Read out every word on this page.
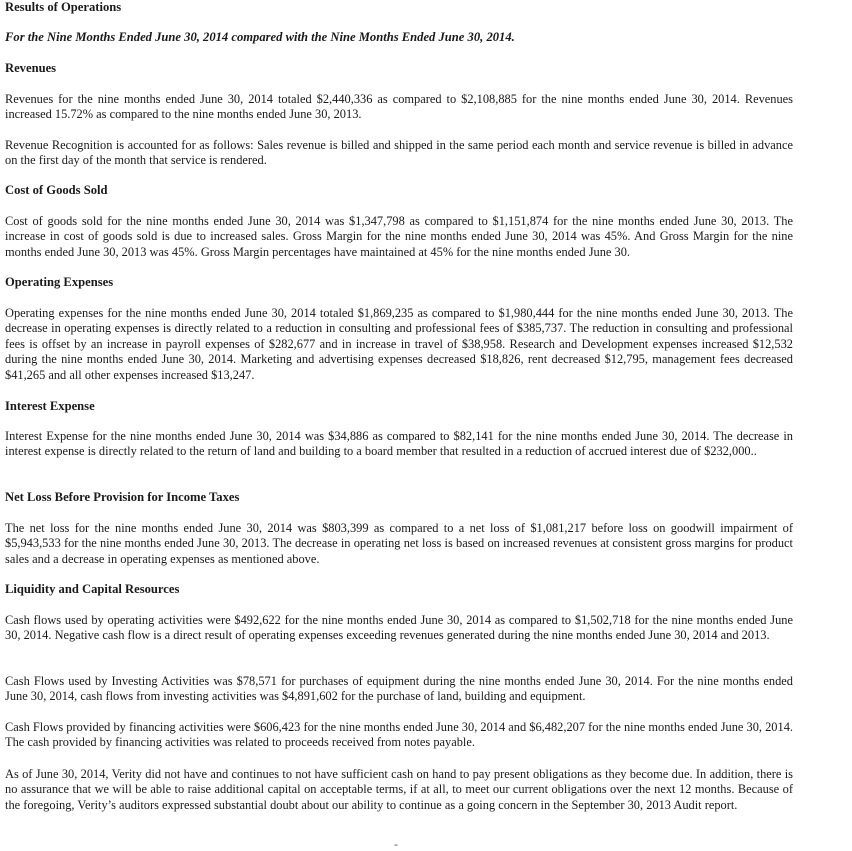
Results of Operations
For the Nine Months Ended June 30, 2014 compared with the Nine Months Ended June 30, 2014.
Revenues

Revenues for the nine months ended June 30, 2014 totaled $2,440,336 as compared to $2,108,885 for the nine months ended June 30, 2014. Revenues increased 15.72% as compared to the nine months ended June 30, 2013.

Revenue Recognition is accounted for as follows: Sales revenue is billed and shipped in the same period each month and service revenue is billed in advance on the first day of the month that service is rendered.

Cost of Goods Sold

Cost of goods sold for the nine months ended June 30, 2014 was $1,347,798 as compared to $1,151,874 for the nine months ended June 30, 2013. The increase in cost of goods sold is due to increased sales. Gross Margin for the nine months ended June 30, 2014 was 45%. And Gross Margin for the nine months ended June 30, 2013 was 45%. Gross Margin percentages have maintained at 45% for the nine months ended June 30.

Operating Expenses

Operating expenses for the nine months ended June 30, 2014 totaled $1,869,235 as compared to $1,980,444 for the nine months ended June 30, 2013. The decrease in operating expenses is directly related to a reduction in consulting and professional fees of $385,737. The reduction in consulting and professional fees is offset by an increase in payroll expenses of $282,677 and in increase in travel of $38,958. Research and Development expenses increased $12,532 during the nine months ended June 30, 2014. Marketing and advertising expenses decreased $18,826, rent decreased $12,795, management fees decreased $41,265 and all other expenses increased $13,247.

Interest Expense

Interest Expense for the nine months ended June 30, 2014 was $34,886 as compared to $82,141 for the nine months ended June 30, 2014. The decrease in interest expense is directly related to the return of land and building to a board member that resulted in a reduction of accrued interest due of $232,000..

Net Loss Before Provision for Income Taxes

The net loss for the nine months ended June 30, 2014 was $803,399 as compared to a net loss of $1,081,217 before loss on goodwill impairment of $5,943,533 for the nine months ended June 30, 2013. The decrease in operating net loss is based on increased revenues at consistent gross margins for product sales and a decrease in operating expenses as mentioned above.

Liquidity and Capital Resources

Cash flows used by operating activities were $492,622 for the nine months ended June 30, 2014 as compared to $1,502,718 for the nine months ended June 30, 2014. Negative cash flow is a direct result of operating expenses exceeding revenues generated during the nine months ended June 30, 2014 and 2013.

Cash Flows used by Investing Activities was $78,571 for purchases of equipment during the nine months ended June 30, 2014. For the nine months ended June 30, 2014, cash flows from investing activities was $4,891,602 for the purchase of land, building and equipment.

Cash Flows provided by financing activities were $606,423 for the nine months ended June 30, 2014 and $6,482,207 for the nine months ended June 30, 2014. The cash provided by financing activities was related to proceeds received from notes payable.

As of June 30, 2014, Verity did not have and continues to not have sufficient cash on hand to pay present obligations as they become due. In addition, there is no assurance that we will be able to raise additional capital on acceptable terms, if at all, to meet our current obligations over the next 12 months. Because of the foregoing, Verity’s auditors expressed substantial doubt about our ability to continue as a going concern in the September 30, 2013 Audit report.

-
